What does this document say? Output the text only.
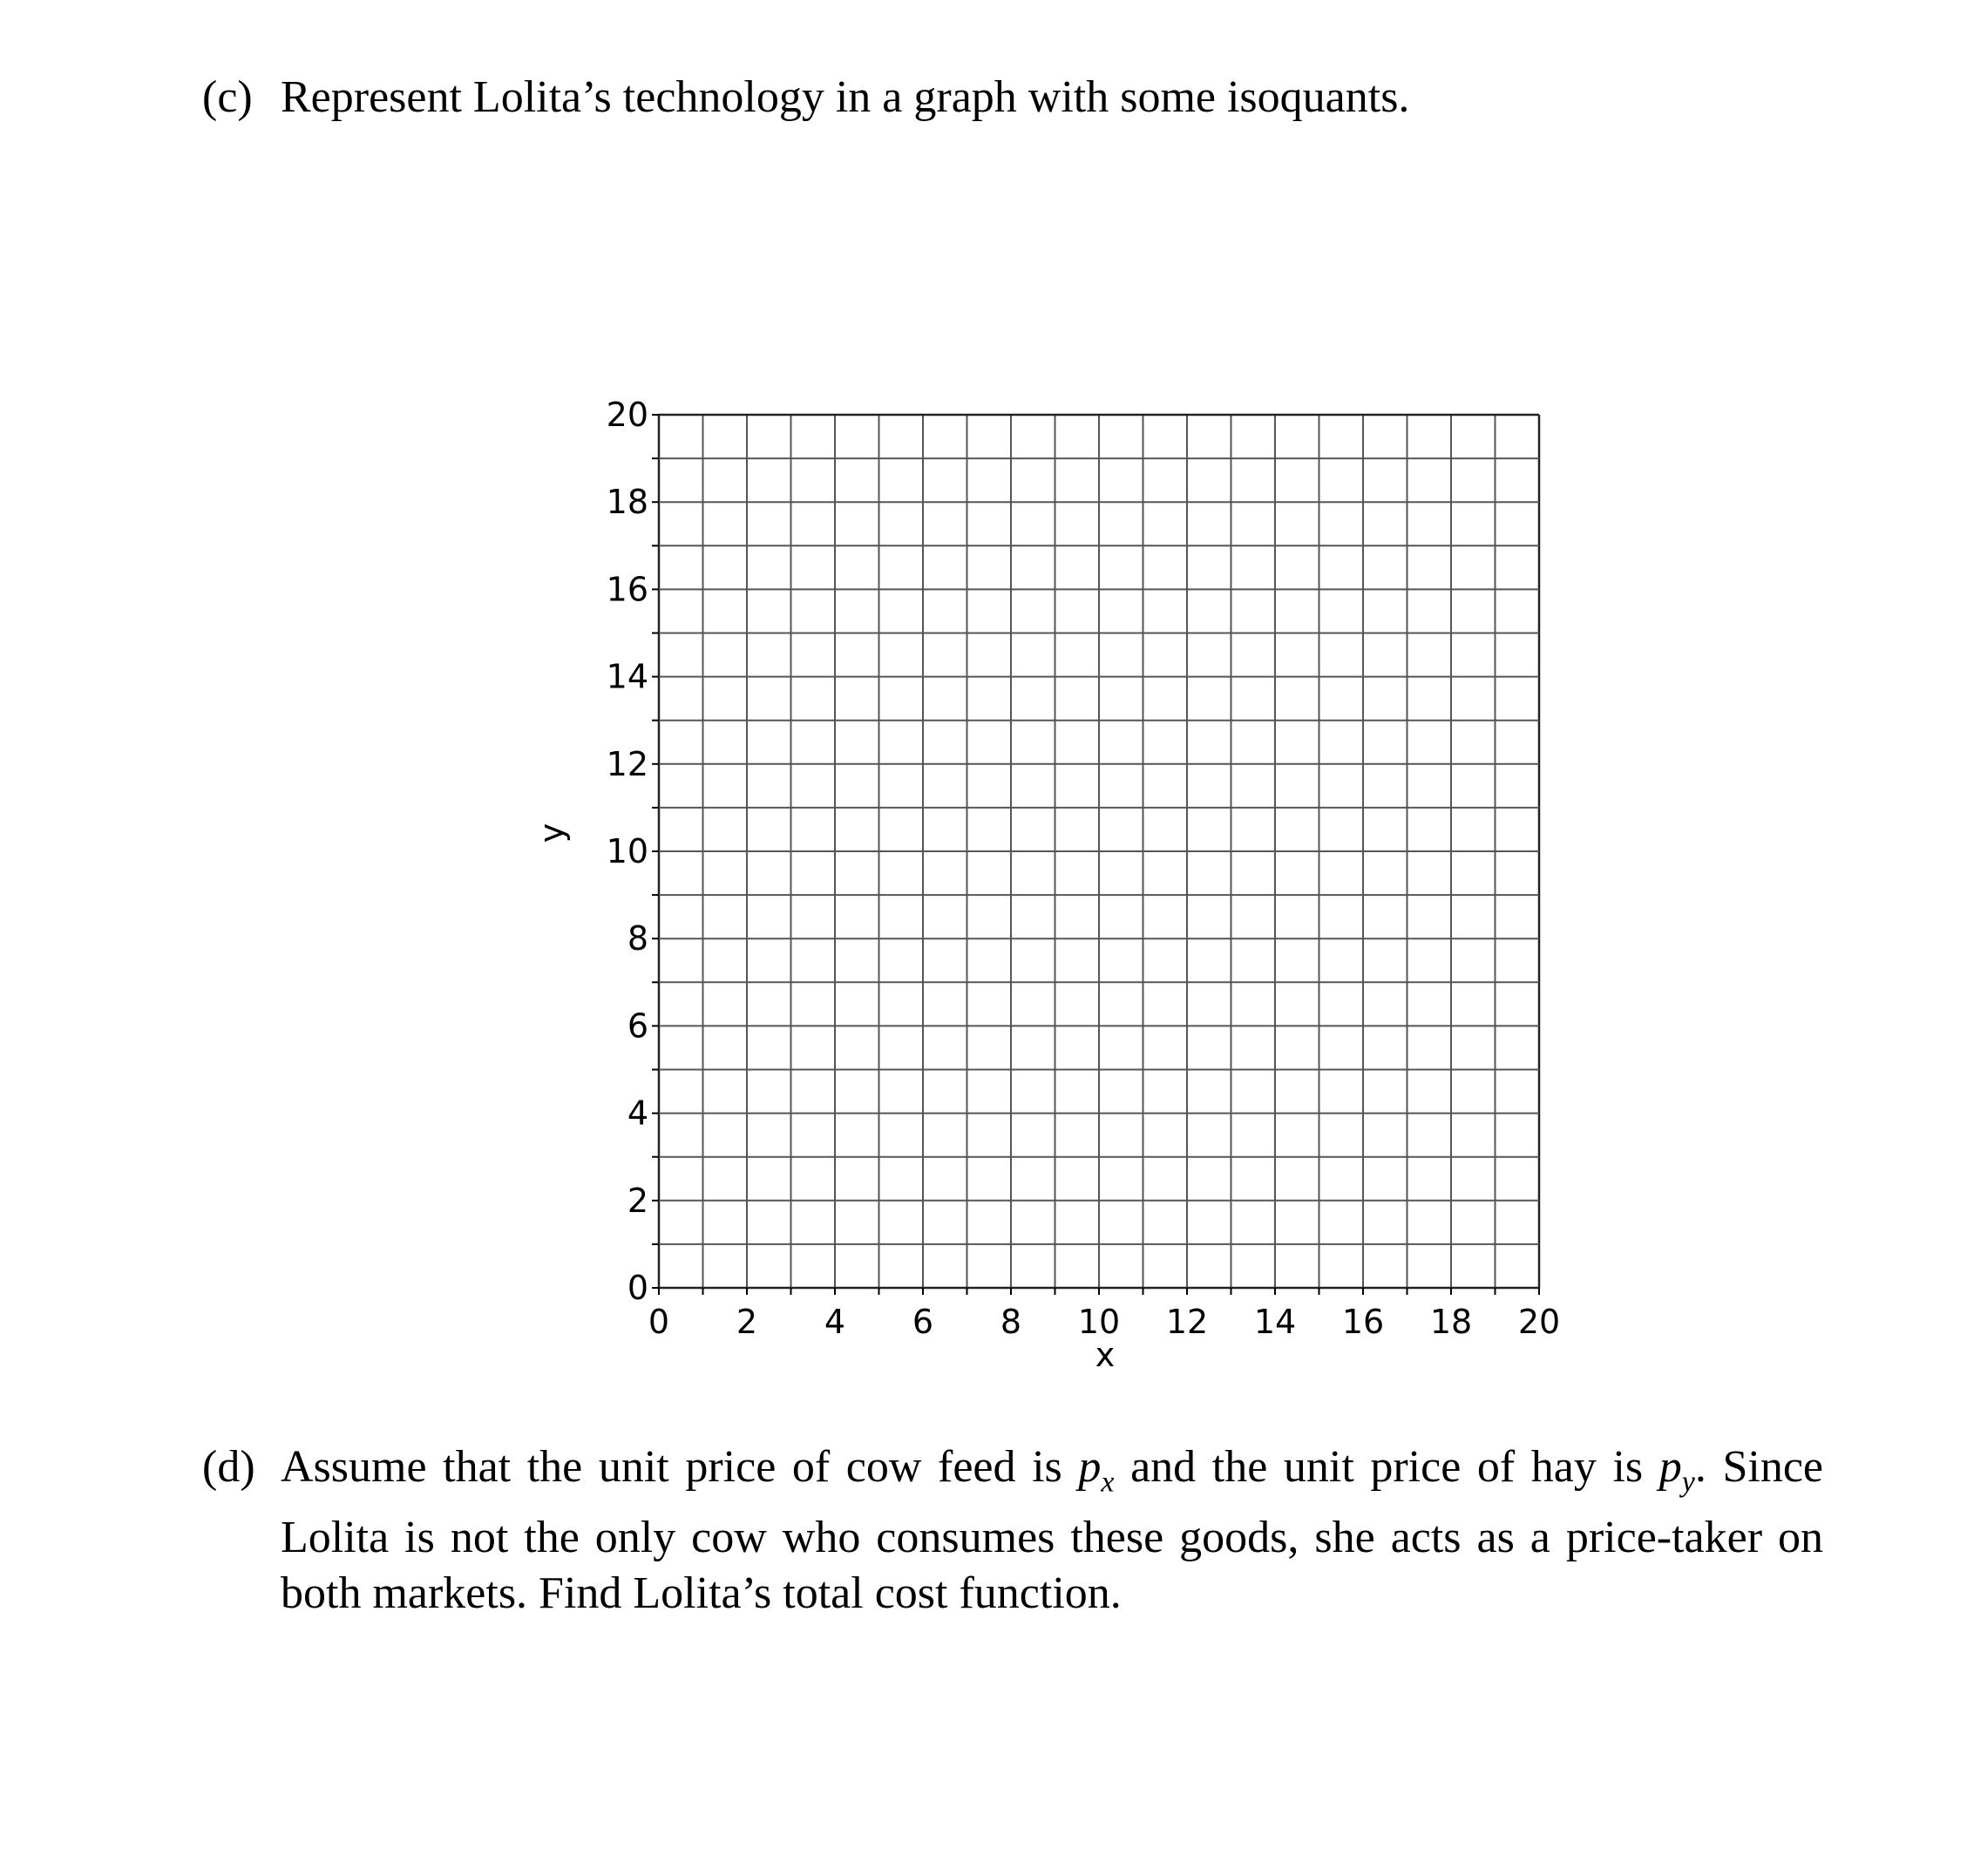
(c) Represent Lolita’s technology in a graph with some isoquants.
0 2 4 6 8 10 12 14 16 18 20
0
2
4
6
8
10
12
14
16
18
20
x
y
(d) Assume that the unit price of cow feed is $p_x$ and the unit price of hay is $p_y$. Since Lolita is not the only cow who consumes these goods, she acts as a price-taker on both markets. Find Lolita’s total cost function.
